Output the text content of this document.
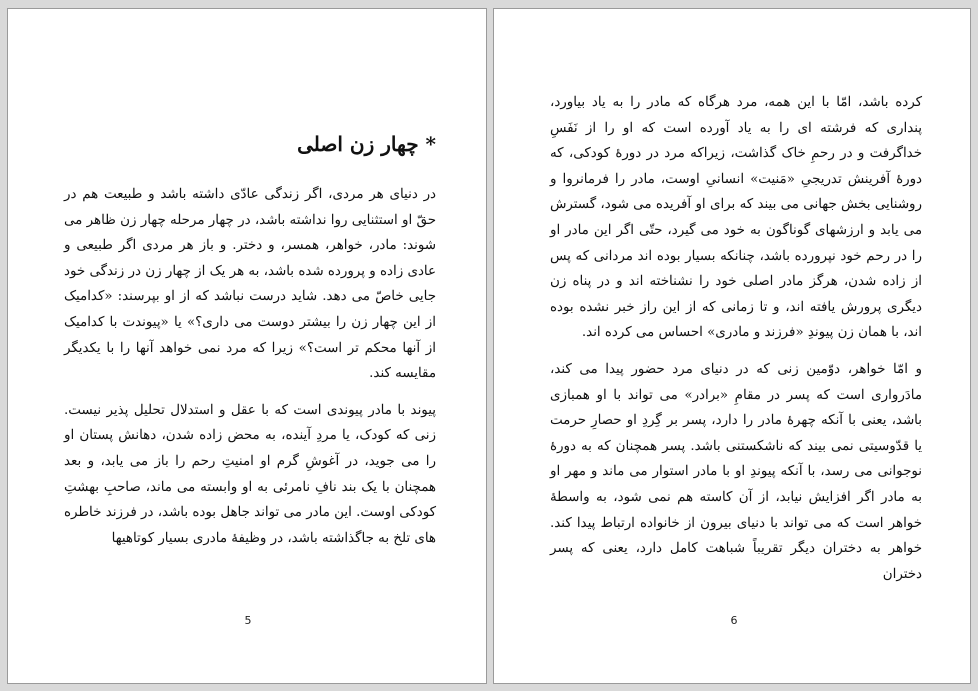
* چهار زن اصلی

در دنیای هر مردی، اگر زندگی عادّی داشته باشد و طبیعت هم در حقّ او استثنایی روا نداشته باشد، در چهار مرحله چهار زن ظاهر می شوند: مادر، خواهر، همسر، و دختر. و باز هر مردی اگر طبیعی و عادی زاده و پرورده شده باشد، به هر یک از چهار زن در زندگی خود جایی خاصّ می دهد. شاید درست نباشد که از او بپرسند: «کدامیک از این چهار زن را بیشتر دوست می داری؟» یا «پیوندت با کدامیک از آنها محکم تر است؟» زیرا که مرد نمی خواهد آنها را با یکدیگر مقایسه کند.

پیوند با مادر پیوندی است که با عقل و استدلال تحلیل پذیر نیست. زنی که کودک، یا مردِ آینده، به محض زاده شدن، دهانش پستان او را می جوید، در آغوشِ گرم او امنیتِ رحم را باز می یابد، و بعد همچنان با یک بند نافِ نامرئی به او وابسته می ماند، صاحبِ بهشتِ کودکی اوست. این مادر می تواند جاهل بوده باشد، در فرزند خاطره های تلخ به جاگذاشته باشد، در وظیفهٔ مادری بسیار کوتاهیها

5

کرده باشد، امّا با این همه، مرد هرگاه که مادر را به یاد بیاورد، پنداری که فرشته ای را به یاد آورده است که او را از نَفَسِ خداگرفت و در رحمِ خاک گذاشت، زیراکه مرد در دورهٔ کودکی، که دورهٔ آفرینش تدریجیِ «مَنیت» انسانیِ اوست، مادر را فرمانروا و روشنایی بخش جهانی می بیند که برای او آفریده می شود، گسترش می یابد و ارزشهای گوناگون به خود می گیرد، حتّی اگر این مادر او را در رحم خود نپرورده باشد، چنانکه بسیار بوده اند مردانی که پس از زاده شدن، هرگز مادر اصلی خود را نشناخته اند و در پناه زن دیگری پرورش یافته اند، و تا زمانی که از این راز خبر نشده بوده اند، با همان زن پیوندِ «فرزند و مادری» احساس می کرده اند.

و امّا خواهر، دوّمین زنی که در دنیای مرد حضور پیدا می کند، مادَروارى است که پسر در مقامِ «برادر» می تواند با او همبازی باشد، یعنی با آنکه چهرهٔ مادر را دارد، پسر بر گِردِ او حصارِ حرمت یا قدّوسیتی نمی بیند که ناشکستنی باشد. پسر همچنان که به دورهٔ نوجوانی می رسد، با آنکه پیوندِ او با مادر استوار می ماند و مهر او به مادر اگر افزایش نیابد، از آن کاسته هم نمی شود، به واسطهٔ خواهر است که می تواند با دنیای بیرون از خانواده ارتباط پیدا کند. خواهر به دختران دیگر تقریباً شباهت کامل دارد، یعنی که پسر دختران

6
